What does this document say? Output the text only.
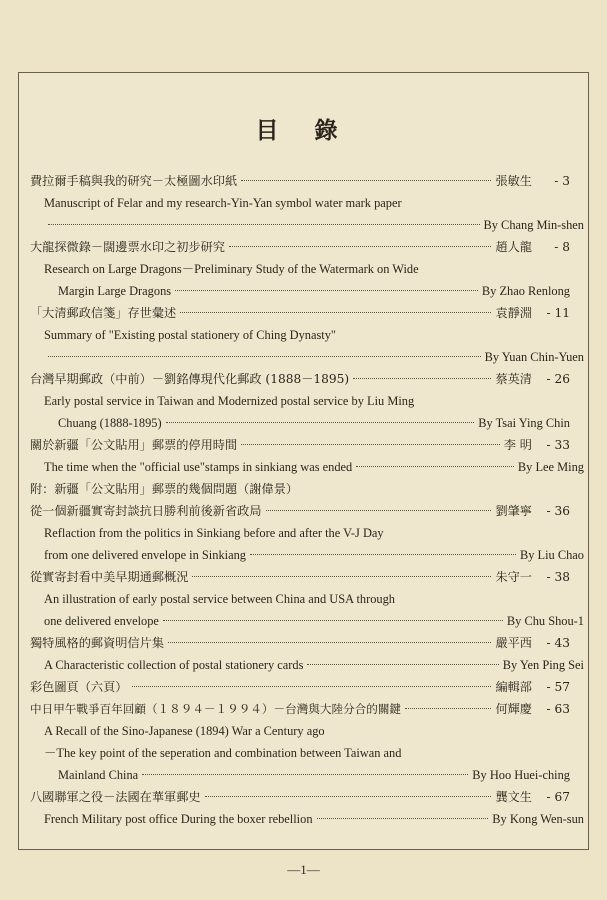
目 錄
費拉爾手稿與我的研究－太極圖水印紙	張敏生	- 3
Manuscript of Felar and my research-Yin-Yan symbol water mark paper
By Chang Min-shen
大龍探微錄－闊邊票水印之初步研究	趙人龍	- 8
Research on Large Dragons－Preliminary Study of the Watermark on Wide
Margin Large Dragons	By Zhao Renlong
「大清郵政信箋」存世彙述	袁靜淵	- 11
Summary of "Existing postal stationery of Ching Dynasty"
By Yuan Chin-Yuen
台灣早期郵政（中前）－劉銘傳現代化郵政 (1888－1895)	蔡英清	- 26
Early postal service in Taiwan and Modernized postal service by Liu Ming
Chuang (1888-1895)	By Tsai Ying Chin
關於新疆「公文貼用」郵票的停用時間	李 明	- 33
The time when the "official use"stamps in sinkiang was ended	By Lee Ming
附：新疆「公文貼用」郵票的幾個問題（謝偉景）
從一個新疆實寄封談抗日勝利前後新省政局	劉肇寧	- 36
Reflaction from the politics in Sinkiang before and after the V-J Day
from one delivered envelope in Sinkiang	By Liu Chao
從實寄封看中美早期通郵概況	朱守一	- 38
An illustration of early postal service between China and USA through
one delivered envelope	By Chu Shou-1
獨特風格的郵資明信片集	嚴平西	- 43
A Characteristic collection of postal stationery cards	By Yen Ping Sei
彩色圖頁（六頁）	編輯部	- 57
中日甲午戰爭百年回顧（１８９４－１９９４）－台灣與大陸分合的關鍵	何輝慶	- 63
A Recall of the Sino-Japanese (1894) War a Century ago
－The key point of the seperation and combination between Taiwan and
Mainland China	By Hoo Huei-ching
八國聯軍之役－法國在華軍郵史	龔文生	- 67
French Military post office During the boxer rebellion	By Kong Wen-sun
—1—
